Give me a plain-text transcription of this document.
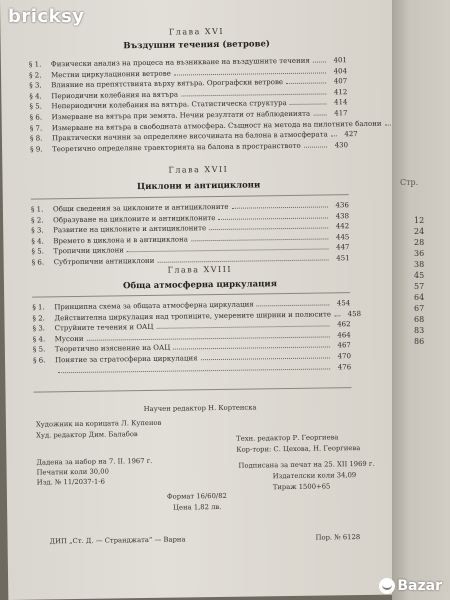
Глава XVI
Въздушни течения (ветрове)
§ 1.	Физически анализ на процеса на възникване на въздушните течения	401
§ 2.	Местни циркулационни ветрове	404
§ 3.	Влияние на препятствията върху вятъра. Орографски ветрове	407
§ 4.	Периодични колебания на вятъра	412
§ 5.	Непериодични колебания на вятъра. Статистическа структура	414
§ 6.	Измерване на вятъра при земята. Нечии резултати от наблюденията	417
§ 7.	Измерване на вятъра в свободната атмосфера. Същност на метода на пилотните балони
§ 8.	Практически начини за определяне височината на балона в атмосферата	427
§ 9.	Теоретично определяне траекторията на балона в пространството	430
Глава XVII
Циклони и антициклони
§ 1.	Общи сведения за циклоните и антициклоните	436
§ 2.	Образуване на циклоните и антициклоните	438
§ 3.	Развитие на циклоните и антициклоните	442
§ 4.	Времето в циклона и в антициклона	445
§ 5.	Тропични циклони	447
§ 6.	Субтропични антициклони	451
Глава XVIII
Обща атмосферна циркулация
§ 1.	Принципна схема за общата атмосферна циркулация	454
§ 2.	Действителна циркулация над тропиците, умерените ширини и полюсите	458
§ 3.	Струйните течения и ОАЦ	462
§ 4.	Мусони	464
§ 5.	Теоретично изяснение на ОАЦ	467
§ 6.	Понятие за стратосферна циркулация	470
476
Научен редактор Н. Кортенска
Художник на корицата Л. Купенов
Худ. редактор Дим. Балабов	Техн. редактор Р. Георгиева
Кор-тори: С. Цехова, Н. Георгиева
Дадена за набор на 7. II. 1967 г.
Печатни коли 30,00
Изд. № 11/2037-1-6
Подписана за печат на 25. XII 1969 г.
Издателски коли 34,09
Тираж 1500+65
Формат 16/60/82
Цена 1,82 лв.
ДИП „Ст. Д. — Странджата“ — Варна	Пор. № 6128
Стр.
12
24
28
36
38
45
57
64
67
68
83
86
bricksy
Bazar
